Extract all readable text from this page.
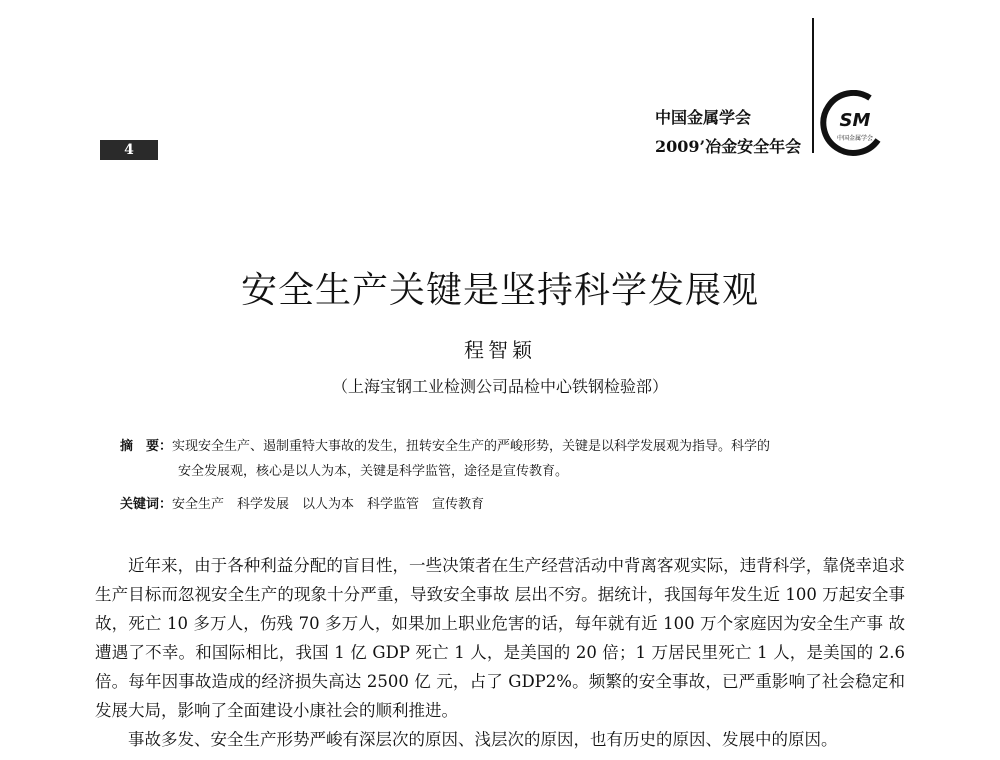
4
中国金属学会
2009’冶金安全年会
SM
中国金属学会
安全生产关键是坚持科学发展观
程智颖
（上海宝钢工业检测公司品检中心铁钢检验部）
摘　要：实现安全生产、遏制重特大事故的发生，扭转安全生产的严峻形势，关键是以科学发展观为指导。科学的
安全发展观，核心是以人为本，关键是科学监管，途径是宣传教育。
关键词：安全生产　科学发展　以人为本　科学监管　宣传教育

近年来，由于各种利益分配的盲目性，一些决策者在生产经营活动中背离客观实际，违背科学，靠侥幸追求生产目标而忽视安全生产的现象十分严重，导致安全事故 层出不穷。据统计，我国每年发生近 100 万起安全事故，死亡 10 多万人，伤残 70 多万人，如果加上职业危害的话，每年就有近 100 万个家庭因为安全生产事 故遭遇了不幸。和国际相比，我国 1 亿 GDP 死亡 1 人，是美国的 20 倍；1 万居民里死亡 1 人，是美国的 2.6 倍。每年因事故造成的经济损失高达 2500 亿 元，占了 GDP2%。频繁的安全事故，已严重影响了社会稳定和发展大局，影响了全面建设小康社会的顺利推进。

事故多发、安全生产形势严峻有深层次的原因、浅层次的原因，也有历史的原因、发展中的原因。
